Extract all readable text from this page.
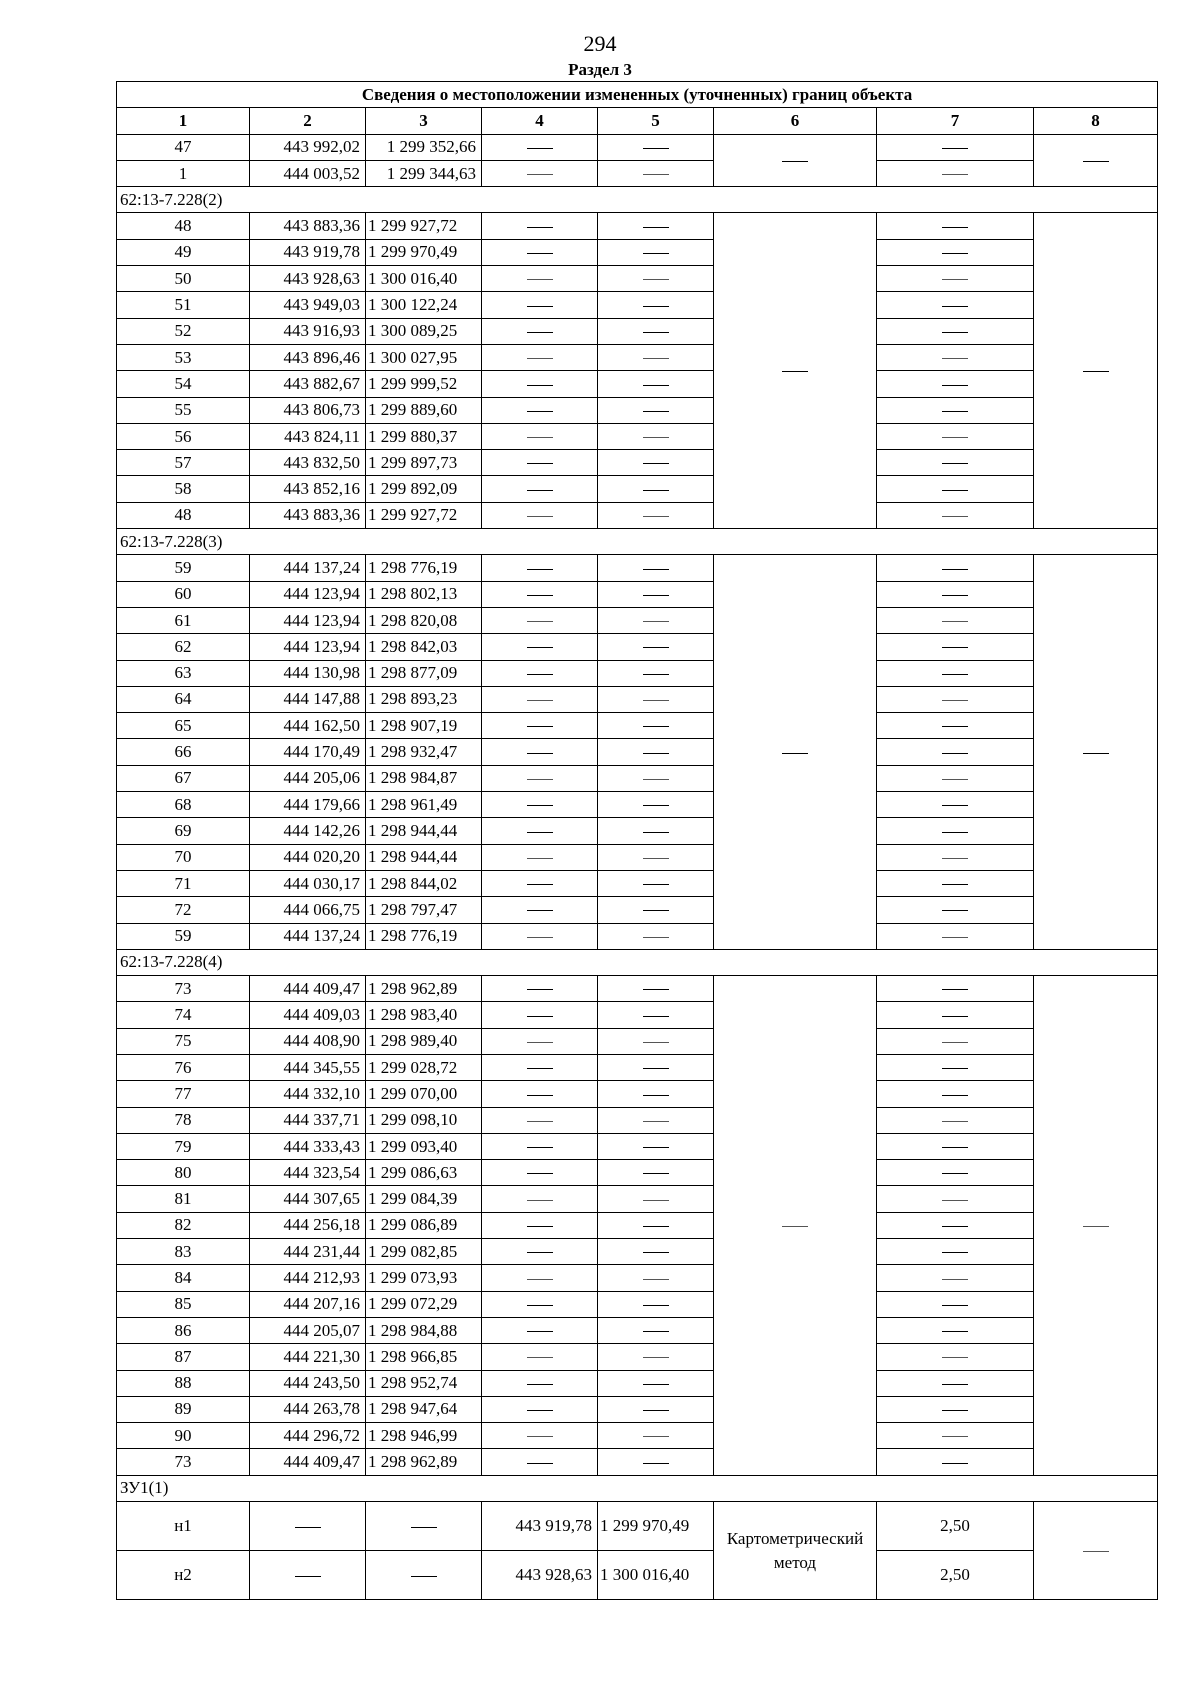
294
Раздел 3
Сведения о местоположении измененных (уточненных) границ объекта							
1	2	3	4	5	6	7	8
47	443 992,02	1 299 352,66					
1	444 003,52	1 299 344,63					
62:13-7.228(2)							
48	443 883,36	1 299 927,72					
49	443 919,78	1 299 970,49					
50	443 928,63	1 300 016,40					
51	443 949,03	1 300 122,24					
52	443 916,93	1 300 089,25					
53	443 896,46	1 300 027,95					
54	443 882,67	1 299 999,52					
55	443 806,73	1 299 889,60					
56	443 824,11	1 299 880,37					
57	443 832,50	1 299 897,73					
58	443 852,16	1 299 892,09					
48	443 883,36	1 299 927,72					
62:13-7.228(3)							
59	444 137,24	1 298 776,19					
60	444 123,94	1 298 802,13					
61	444 123,94	1 298 820,08					
62	444 123,94	1 298 842,03					
63	444 130,98	1 298 877,09					
64	444 147,88	1 298 893,23					
65	444 162,50	1 298 907,19					
66	444 170,49	1 298 932,47					
67	444 205,06	1 298 984,87					
68	444 179,66	1 298 961,49					
69	444 142,26	1 298 944,44					
70	444 020,20	1 298 944,44					
71	444 030,17	1 298 844,02					
72	444 066,75	1 298 797,47					
59	444 137,24	1 298 776,19					
62:13-7.228(4)							
73	444 409,47	1 298 962,89					
74	444 409,03	1 298 983,40					
75	444 408,90	1 298 989,40					
76	444 345,55	1 299 028,72					
77	444 332,10	1 299 070,00					
78	444 337,71	1 299 098,10					
79	444 333,43	1 299 093,40					
80	444 323,54	1 299 086,63					
81	444 307,65	1 299 084,39					
82	444 256,18	1 299 086,89					
83	444 231,44	1 299 082,85					
84	444 212,93	1 299 073,93					
85	444 207,16	1 299 072,29					
86	444 205,07	1 298 984,88					
87	444 221,30	1 298 966,85					
88	444 243,50	1 298 952,74					
89	444 263,78	1 298 947,64					
90	444 296,72	1 298 946,99					
73	444 409,47	1 298 962,89					
ЗУ1(1)							
н1			443 919,78	1 299 970,49	Картометрический метод	2,50	
н2			443 928,63	1 300 016,40		2,50	
